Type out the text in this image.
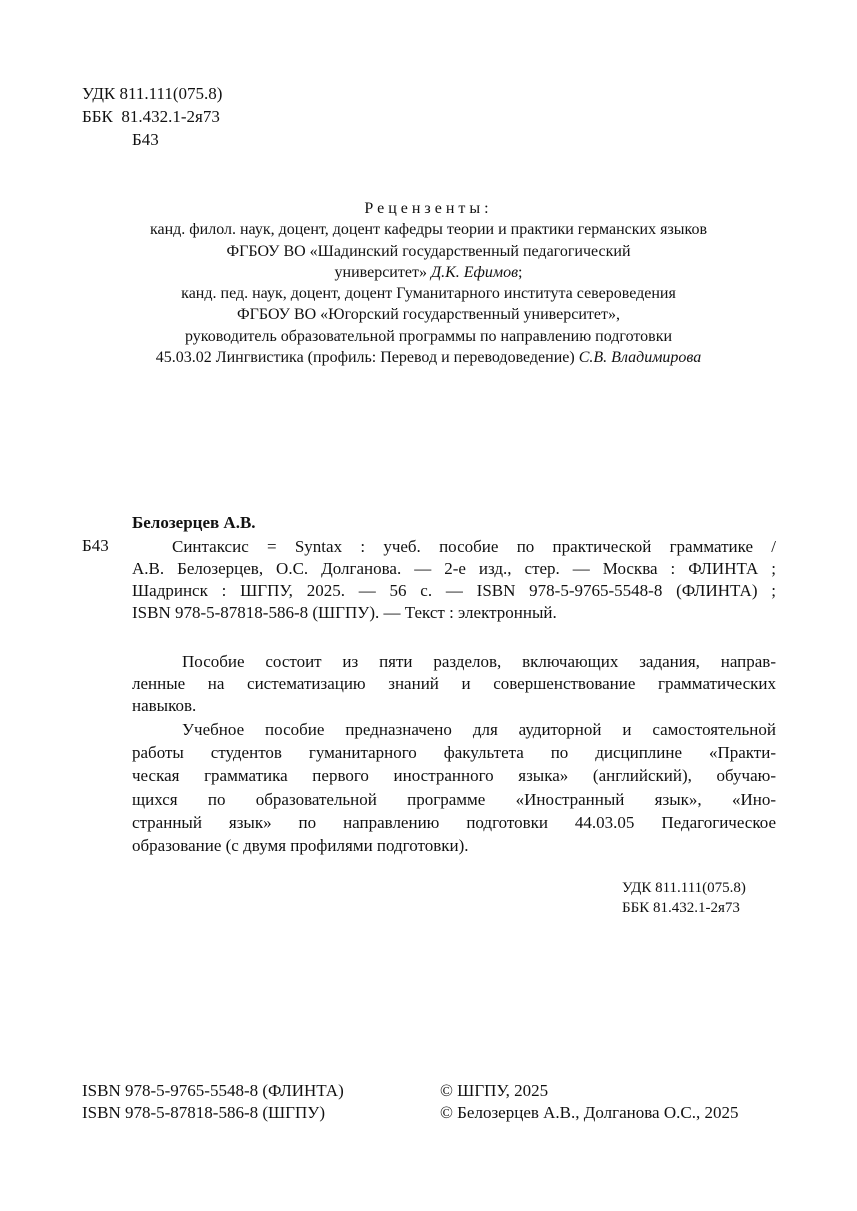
УДК 811.111(075.8)
ББК  81.432.1-2я73
Б43
Рецензенты:
канд. филол. наук, доцент, доцент кафедры теории и практики германских языков
ФГБОУ ВО «Шадинский государственный педагогический
университет» Д.К. Ефимов;
канд. пед. наук, доцент, доцент Гуманитарного института североведения
ФГБОУ ВО «Югорский государственный университет»,
руководитель образовательной программы по направлению подготовки
45.03.02 Лингвистика (профиль: Перевод и переводоведение) С.В. Владимирова
Белозерцев А.В.
Б43	Синтаксис = Syntax : учеб. пособие по практической грамматике /
А.В. Белозерцев, О.С. Долганова. — 2-е изд., стер. — Москва : ФЛИНТА ;
Шадринск : ШГПУ, 2025. — 56 с. — ISBN 978-5-9765-5548-8 (ФЛИНТА) ;
ISBN 978-5-87818-586-8 (ШГПУ). — Текст : электронный.
Пособие состоит из пяти разделов, включающих задания, направ-
ленные на систематизацию знаний и совершенствование грамматических
навыков.
Учебное пособие предназначено для аудиторной и самостоятельной
работы студентов гуманитарного факультета по дисциплине «Практи-
ческая грамматика первого иностранного языка» (английский), обучаю-
щихся по образовательной программе «Иностранный язык», «Ино-
странный язык» по направлению подготовки 44.03.05 Педагогическое
образование (с двумя профилями подготовки).
УДК 811.111(075.8)
ББК 81.432.1-2я73
ISBN 978-5-9765-5548-8 (ФЛИНТА)
ISBN 978-5-87818-586-8 (ШГПУ)
© ШГПУ, 2025
© Белозерцев А.В., Долганова О.С., 2025
